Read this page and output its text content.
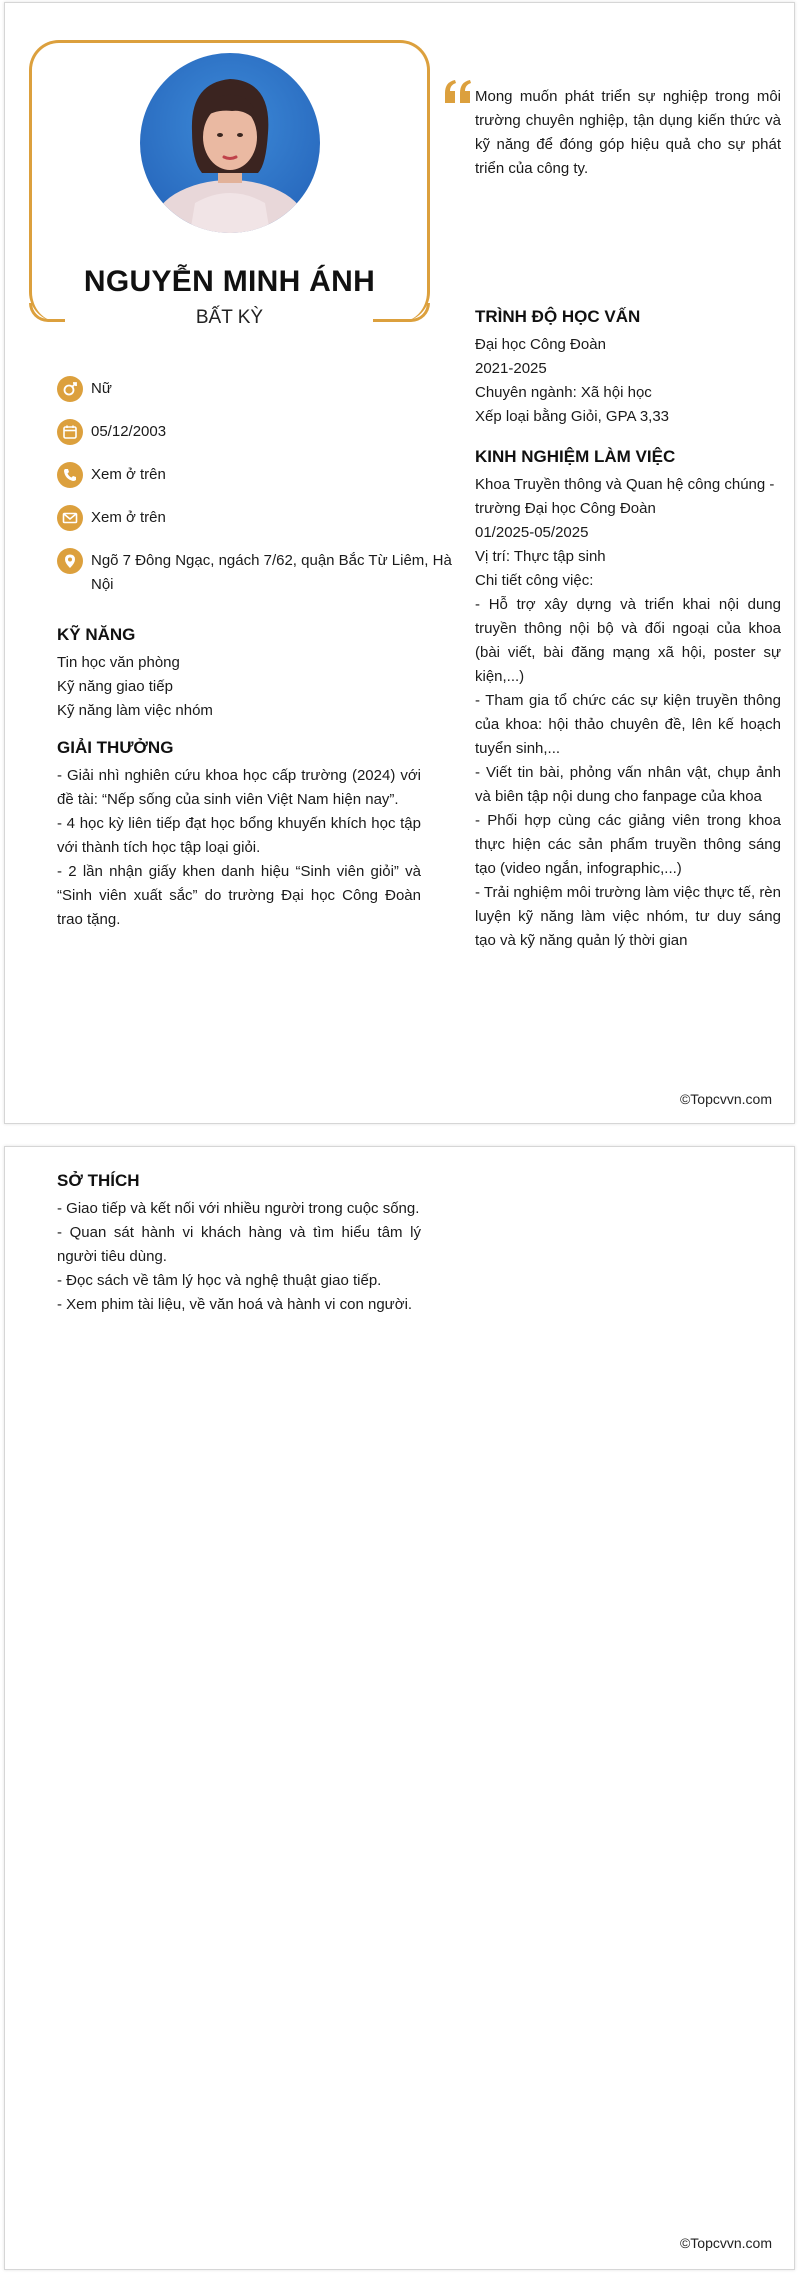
NGUYỄN MINH ÁNH
BẤT KỲ
Mong muốn phát triển sự nghiệp trong môi trường chuyên nghiệp, tận dụng kiến thức và kỹ năng để đóng góp hiệu quả cho sự phát triển của công ty.
Nữ
05/12/2003
Xem ở trên
Xem ở trên
Ngõ 7 Đông Ngạc, ngách 7/62, quận Bắc Từ Liêm, Hà Nội
KỸ NĂNG
Tin học văn phòng
Kỹ năng giao tiếp
Kỹ năng làm việc nhóm
GIẢI THƯỞNG
- Giải nhì nghiên cứu khoa học cấp trường (2024) với đề tài: “Nếp sống của sinh viên Việt Nam hiện nay”.
- 4 học kỳ liên tiếp đạt học bổng khuyến khích học tập với thành tích học tập loại giỏi.
- 2 lần nhận giấy khen danh hiệu “Sinh viên giỏi” và “Sinh viên xuất sắc” do trường Đại học Công Đoàn trao tặng.
TRÌNH ĐỘ HỌC VẤN
Đại học Công Đoàn
2021-2025
Chuyên ngành: Xã hội học
Xếp loại bằng Giỏi, GPA 3,33
KINH NGHIỆM LÀM VIỆC
Khoa Truyền thông và Quan hệ công chúng - trường Đại học Công Đoàn
01/2025-05/2025
Vị trí: Thực tập sinh
Chi tiết công việc:
- Hỗ trợ xây dựng và triển khai nội dung truyền thông nội bộ và đối ngoại của khoa (bài viết, bài đăng mạng xã hội, poster sự kiện,...)
- Tham gia tổ chức các sự kiện truyền thông của khoa: hội thảo chuyên đề, lên kế hoạch tuyển sinh,...
- Viết tin bài, phỏng vấn nhân vật, chụp ảnh và biên tập nội dung cho fanpage của khoa
- Phối hợp cùng các giảng viên trong khoa thực hiện các sản phẩm truyền thông sáng tạo (video ngắn, infographic,...)
- Trải nghiệm môi trường làm việc thực tế, rèn luyện kỹ năng làm việc nhóm, tư duy sáng tạo và kỹ năng quản lý thời gian
©Topcvvn.com
SỞ THÍCH
- Giao tiếp và kết nối với nhiều người trong cuộc sống.
- Quan sát hành vi khách hàng và tìm hiểu tâm lý người tiêu dùng.
- Đọc sách về tâm lý học và nghệ thuật giao tiếp.
- Xem phim tài liệu, về văn hoá và hành vi con người.
©Topcvvn.com
